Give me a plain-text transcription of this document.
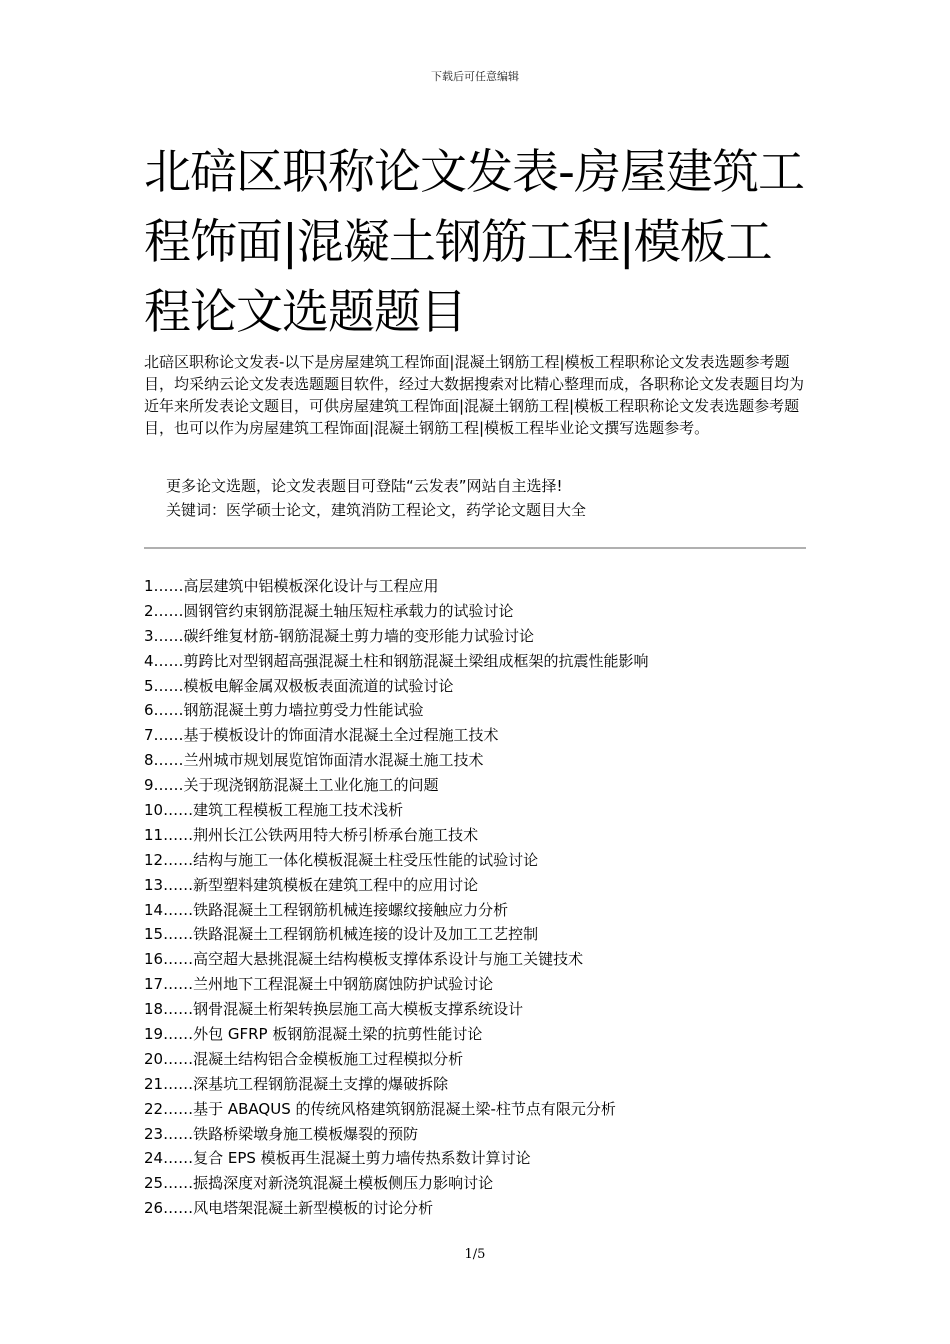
下载后可任意编辑
北碚区职称论文发表-房屋建筑工程饰面|混凝土钢筋工程|模板工程论文选题题目

北碚区职称论文发表-以下是房屋建筑工程饰面|混凝土钢筋工程|模板工程职称论文发表选题参考题目，均采纳云论文发表选题题目软件，经过大数据搜索对比精心整理而成，各职称论文发表题目均为近年来所发表论文题目，可供房屋建筑工程饰面|混凝土钢筋工程|模板工程职称论文发表选题参考题目，也可以作为房屋建筑工程饰面|混凝土钢筋工程|模板工程毕业论文撰写选题参考。

更多论文选题，论文发表题目可登陆“云发表”网站自主选择!

关键词：医学硕士论文，建筑消防工程论文，药学论文题目大全

1……高层建筑中铝模板深化设计与工程应用
2……圆钢管约束钢筋混凝土轴压短柱承载力的试验讨论
3……碳纤维复材筋-钢筋混凝土剪力墙的变形能力试验讨论
4……剪跨比对型钢超高强混凝土柱和钢筋混凝土梁组成框架的抗震性能影响
5……模板电解金属双极板表面流道的试验讨论
6……钢筋混凝土剪力墙拉剪受力性能试验
7……基于模板设计的饰面清水混凝土全过程施工技术
8……兰州城市规划展览馆饰面清水混凝土施工技术
9……关于现浇钢筋混凝土工业化施工的问题
10……建筑工程模板工程施工技术浅析
11……荆州长江公铁两用特大桥引桥承台施工技术
12……结构与施工一体化模板混凝土柱受压性能的试验讨论
13……新型塑料建筑模板在建筑工程中的应用讨论
14……铁路混凝土工程钢筋机械连接螺纹接触应力分析
15……铁路混凝土工程钢筋机械连接的设计及加工工艺控制
16……高空超大悬挑混凝土结构模板支撑体系设计与施工关键技术
17……兰州地下工程混凝土中钢筋腐蚀防护试验讨论
18……钢骨混凝土桁架转换层施工高大模板支撑系统设计
19……外包 GFRP 板钢筋混凝土梁的抗剪性能讨论
20……混凝土结构铝合金模板施工过程模拟分析
21……深基坑工程钢筋混凝土支撑的爆破拆除
22……基于 ABAQUS 的传统风格建筑钢筋混凝土梁-柱节点有限元分析
23……铁路桥梁墩身施工模板爆裂的预防
24……复合 EPS 模板再生混凝土剪力墙传热系数计算讨论
25……振捣深度对新浇筑混凝土模板侧压力影响讨论
26……风电塔架混凝土新型模板的讨论分析
1/5
